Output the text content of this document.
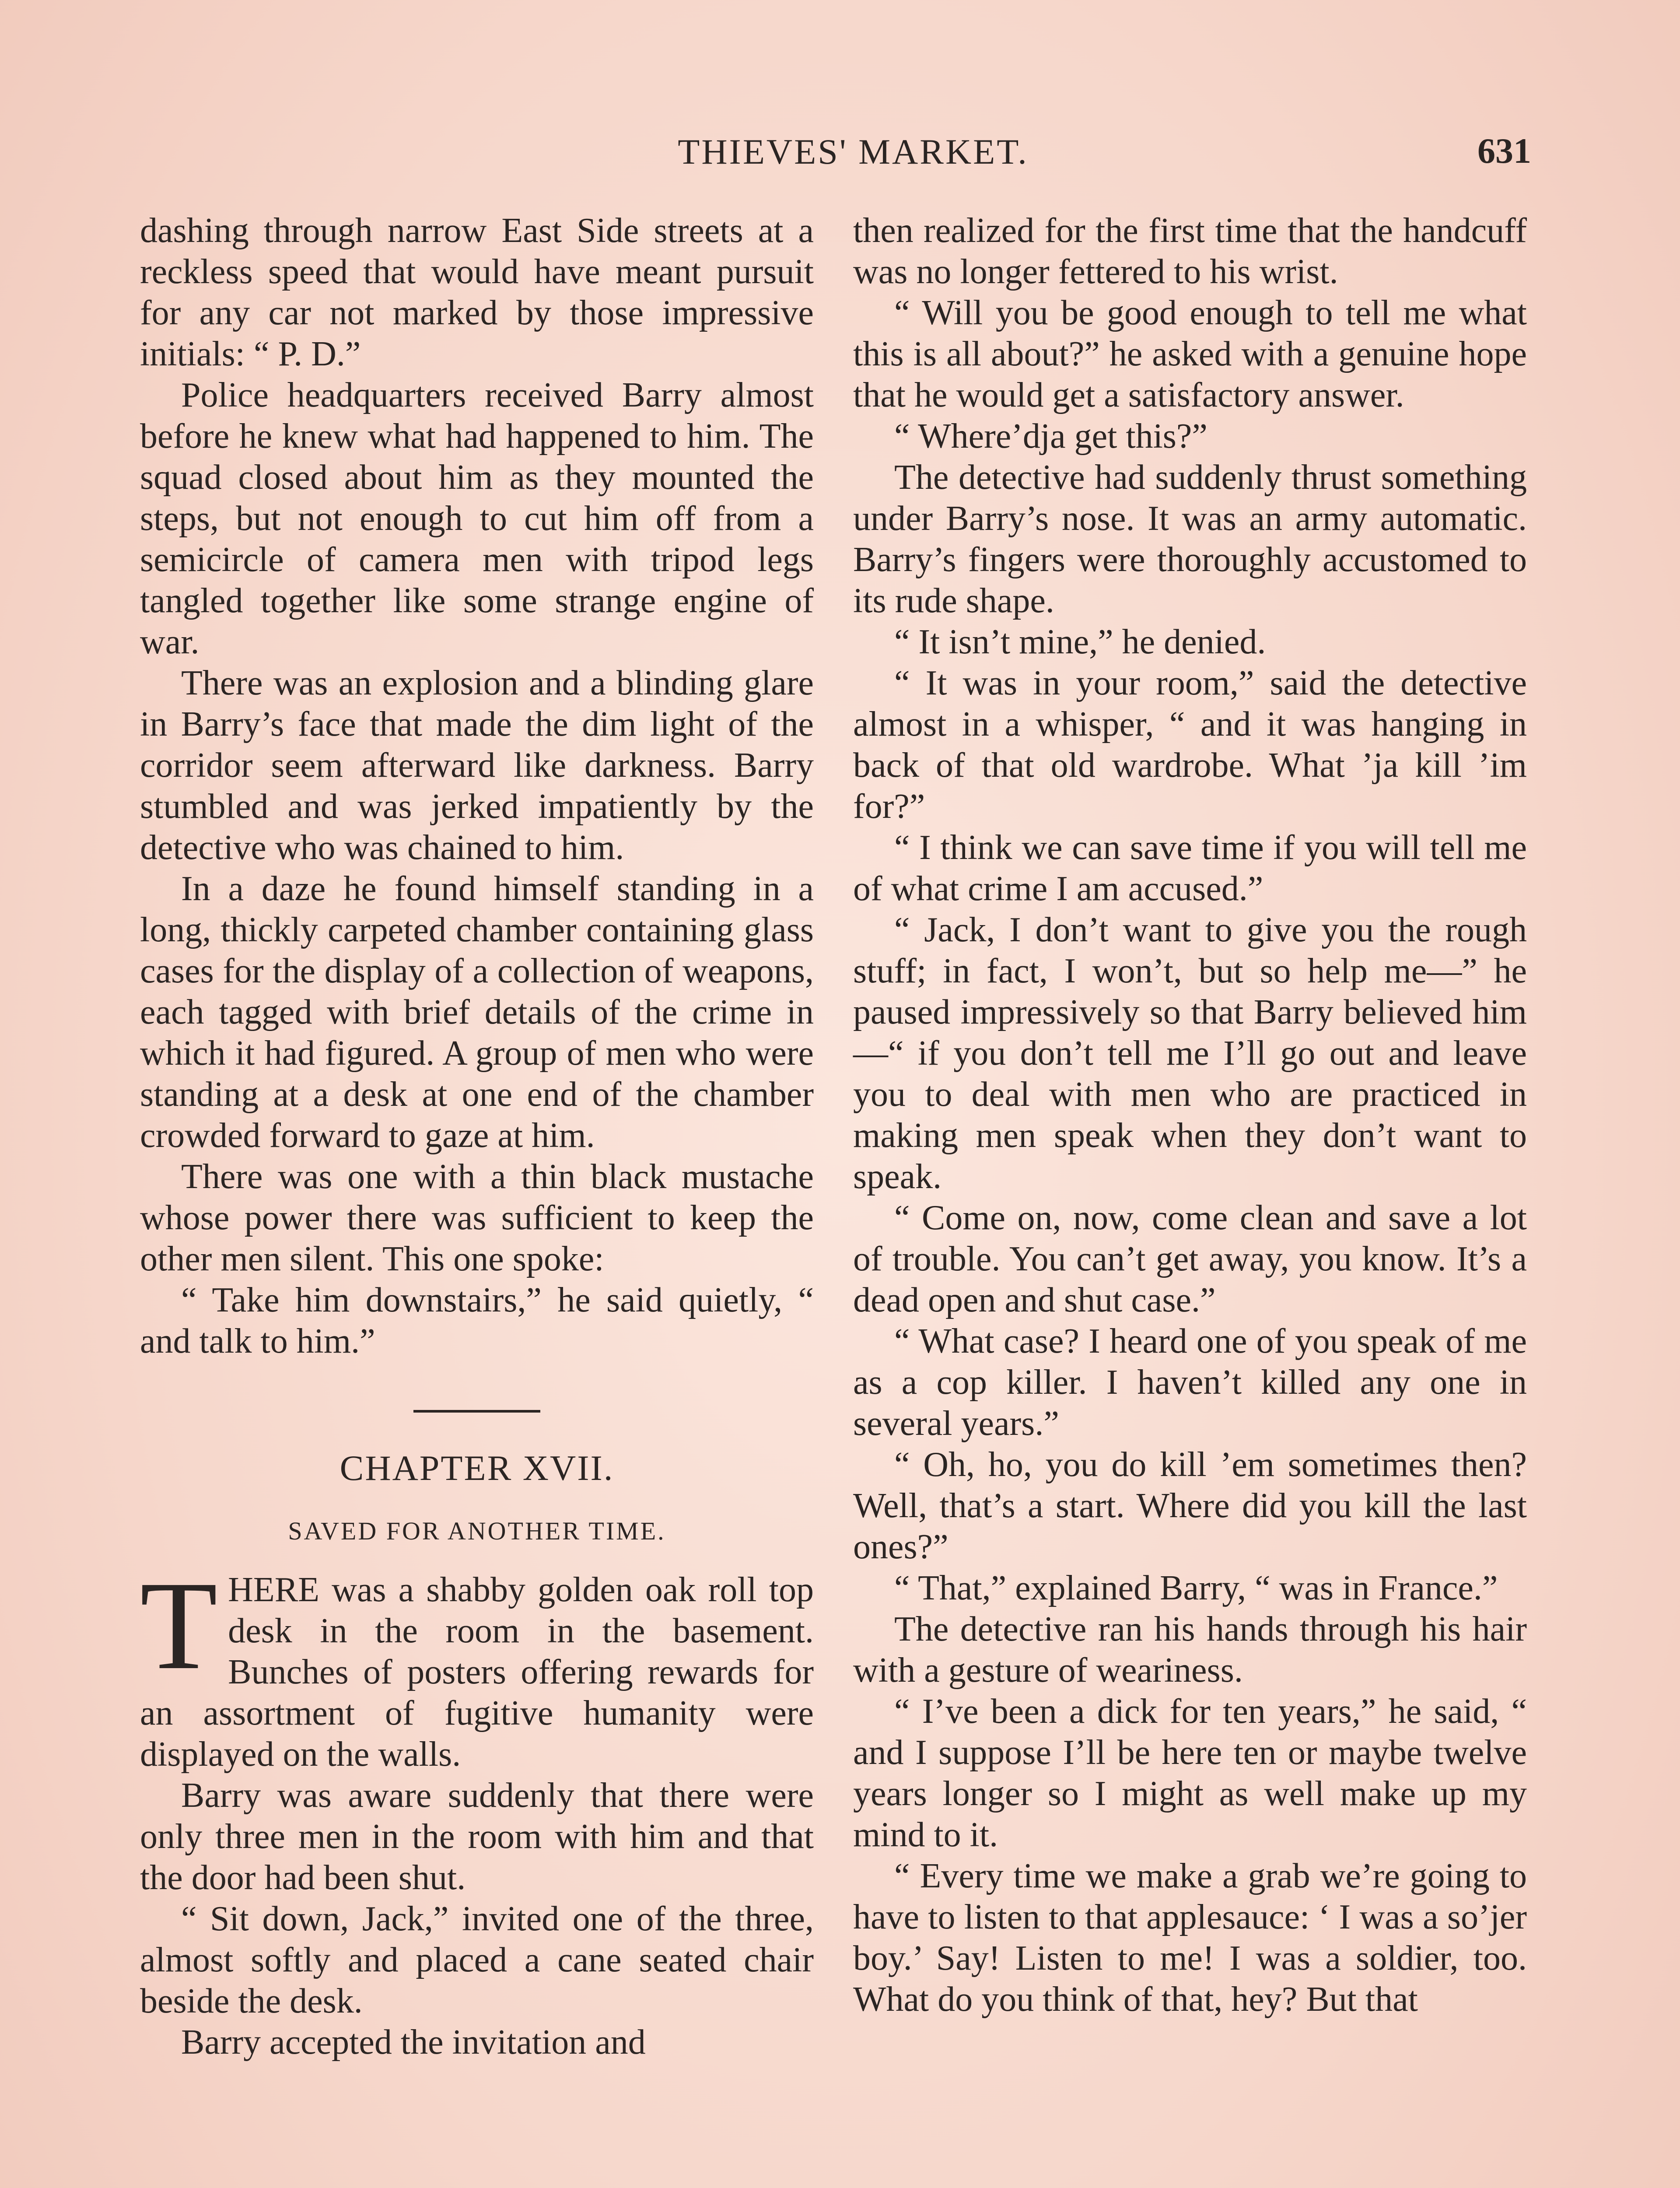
THIEVES' MARKET.	631

dashing through narrow East Side streets at a reckless speed that would have meant pursuit for any car not marked by those impressive initials: “ P. D.”

Police headquarters received Barry almost before he knew what had happened to him. The squad closed about him as they mounted the steps, but not enough to cut him off from a semicircle of camera men with tripod legs tangled together like some strange engine of war.

There was an explosion and a blinding glare in Barry’s face that made the dim light of the corridor seem afterward like darkness. Barry stumbled and was jerked impatiently by the detective who was chained to him.

In a daze he found himself standing in a long, thickly carpeted chamber containing glass cases for the display of a collection of weapons, each tagged with brief details of the crime in which it had figured. A group of men who were standing at a desk at one end of the chamber crowded forward to gaze at him.

There was one with a thin black mustache whose power there was sufficient to keep the other men silent. This one spoke:

“ Take him downstairs,” he said quietly, “ and talk to him.”

CHAPTER XVII.
SAVED FOR ANOTHER TIME.

THERE was a shabby golden oak roll top desk in the room in the basement. Bunches of posters offering rewards for an assortment of fugitive humanity were displayed on the walls.

Barry was aware suddenly that there were only three men in the room with him and that the door had been shut.

“ Sit down, Jack,” invited one of the three, almost softly and placed a cane seated chair beside the desk.

Barry accepted the invitation and

then realized for the first time that the handcuff was no longer fettered to his wrist.

“ Will you be good enough to tell me what this is all about?” he asked with a genuine hope that he would get a satisfactory answer.

“ Where’dja get this?”

The detective had suddenly thrust something under Barry’s nose. It was an army automatic. Barry’s fingers were thoroughly accustomed to its rude shape.

“ It isn’t mine,” he denied.

“ It was in your room,” said the detective almost in a whisper, “ and it was hanging in back of that old wardrobe. What ’ja kill ’im for?”

“ I think we can save time if you will tell me of what crime I am accused.”

“ Jack, I don’t want to give you the rough stuff; in fact, I won’t, but so help me—” he paused impressively so that Barry believed him—“ if you don’t tell me I’ll go out and leave you to deal with men who are practiced in making men speak when they don’t want to speak.

“ Come on, now, come clean and save a lot of trouble. You can’t get away, you know. It’s a dead open and shut case.”

“ What case? I heard one of you speak of me as a cop killer. I haven’t killed any one in several years.”

“ Oh, ho, you do kill ’em sometimes then? Well, that’s a start. Where did you kill the last ones?”

“ That,” explained Barry, “ was in France.”

The detective ran his hands through his hair with a gesture of weariness.

“ I’ve been a dick for ten years,” he said, “ and I suppose I’ll be here ten or maybe twelve years longer so I might as well make up my mind to it.

“ Every time we make a grab we’re going to have to listen to that applesauce: ‘ I was a so’jer boy.’ Say! Listen to me! I was a soldier, too. What do you think of that, hey? But that
